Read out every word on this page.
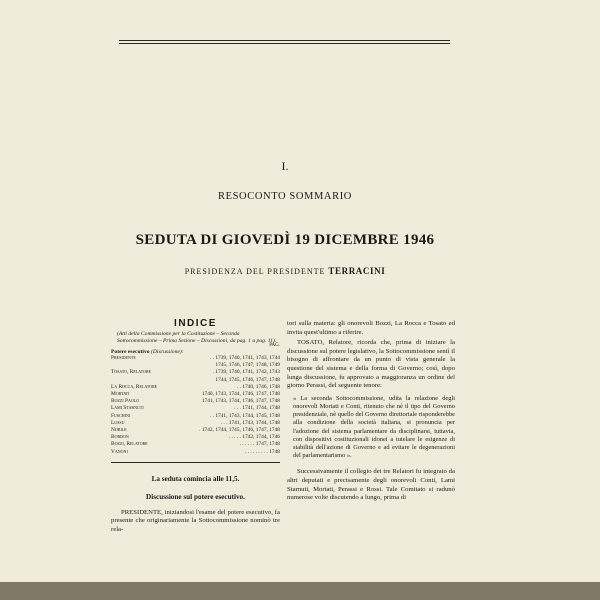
I.
RESOCONTO SOMMARIO
SEDUTA DI GIOVEDÌ 19 DICEMBRE 1946
PRESIDENZA DEL PRESIDENTE TERRACINI
INDICE
(Atti della Commissione per la Costituzione – Seconda Sottocommissione – Prima Sezione – Discussioni, da pag. 1 a pag. 11).
PAG.
Potere esecutivo (Discussione):
Presidente	. . 1739, 1740, 1741, 1743, 1744
1745, 1746, 1747, 1748, 1749
Tosato, Relatore	. 1739, 1740, 1741, 1742, 1743
1744, 1745, 1746, 1747, 1748
La Rocca, Relatore	. . 1740, 1746, 1748
Mortati	1740, 1743, 1744, 1746, 1747, 1748
Bozzi Paolo	1741, 1743, 1744, 1746, 1747, 1748
Lami Starnuti	. . . 1741, 1744, 1748
Fuschini	. . 1741, 1743, 1744, 1745, 1748
Lussu	. . . 1741, 1743, 1744, 1748
Nobile	. 1742, 1744, 1745, 1746, 1747, 1748
Bordon	. . . . . 1742, 1744, 1746
Bozzi, Relatore	. . . . . . 1747, 1748
Vanoni	. . . . . . . . . 1748
La seduta comincia alle 11,5.
Discussione sul potere esecutivo.
PRESIDENTE, iniziandosi l'esame del potere esecutivo, fa presente che originariamente la Sottocommissione nominò tre rela-
tori sulla materia: gli onorevoli Bozzi, La Rocca e Tosato ed invita quest'ultimo a riferire.
TOSATO, Relatore, ricorda che, prima di iniziare la discussione sul potere legislativo, la Sottocommissione sentì il bisogno di affrontare da un punto di vista generale la questione del sistema e della forma di Governo; così, dopo lunga discussione, fu approvato a maggioranza un ordine del giorno Perassi, del seguente tenore:
« La seconda Sottocommissione, udita la relazione degli onorevoli Mortati e Conti, ritenuto che nè il tipo del Governo presidenziale, nè quello del Governo direttoriale risponderebbe alla condizione della società italiana, si pronuncia per l'adozione del sistema parlamentare da disciplinarsi, tuttavia, con dispositivi costituzionali idonei a tutelare le esigenze di stabilità dell'azione di Governo e ad evitare le degenerazioni del parlamentarismo ».
Successivamente il collegio dei tre Relatori fu integrato da altri deputati e precisamente degli onorevoli Conti, Lami Starnuti, Mortati, Perassi e Rossi. Tale Comitato si radunò numerose volte discutendo a lungo, prima di
